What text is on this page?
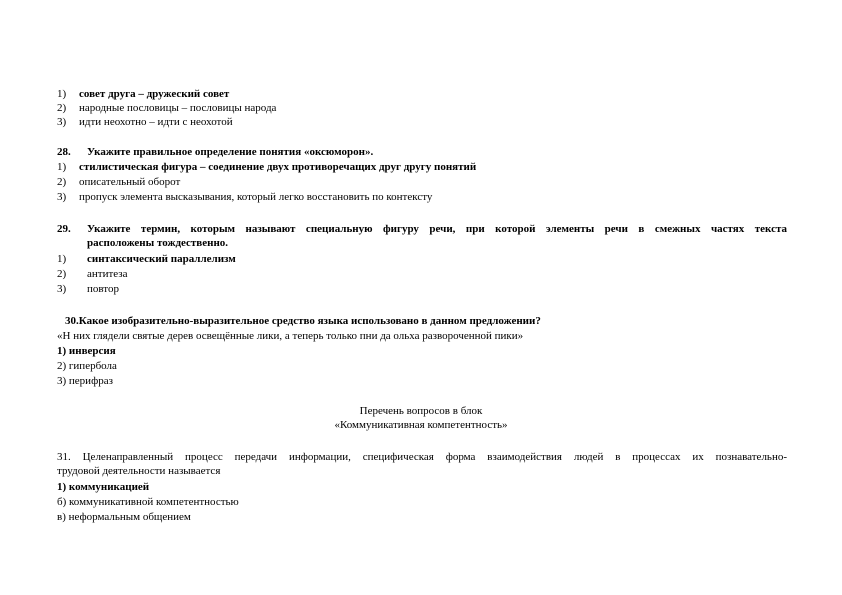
1) совет друга – дружеский совет
2) народные пословицы – пословицы народа
3) идти неохотно – идти с неохотой
28. Укажите правильное определение понятия «оксюморон».
1) стилистическая фигура – соединение двух противоречащих друг другу понятий
2) описательный оборот
3) пропуск элемента высказывания, который легко восстановить по контексту
29.	Укажите термин, которым называют специальную фигуру речи, при которой элементы речи в смежных частях текста
расположены тождественно.
1) синтаксический параллелизм
2) антитеза
3) повтор
30.Какое изобразительно-выразительное средство языка использовано в данном предложении?
«Н них глядели святые дерев освещённые лики, а теперь только пни да ольха развороченной пики»
1) инверсия
2) гипербола
3) перифраз
Перечень вопросов в блок
«Коммуникативная компетентность»
31. Целенаправленный процесс передачи информации, специфическая форма взаимодействия людей в процессах их познавательно-
трудовой деятельности называется
1) коммуникацией
б) коммуникативной компетентностью
в) неформальным общением
